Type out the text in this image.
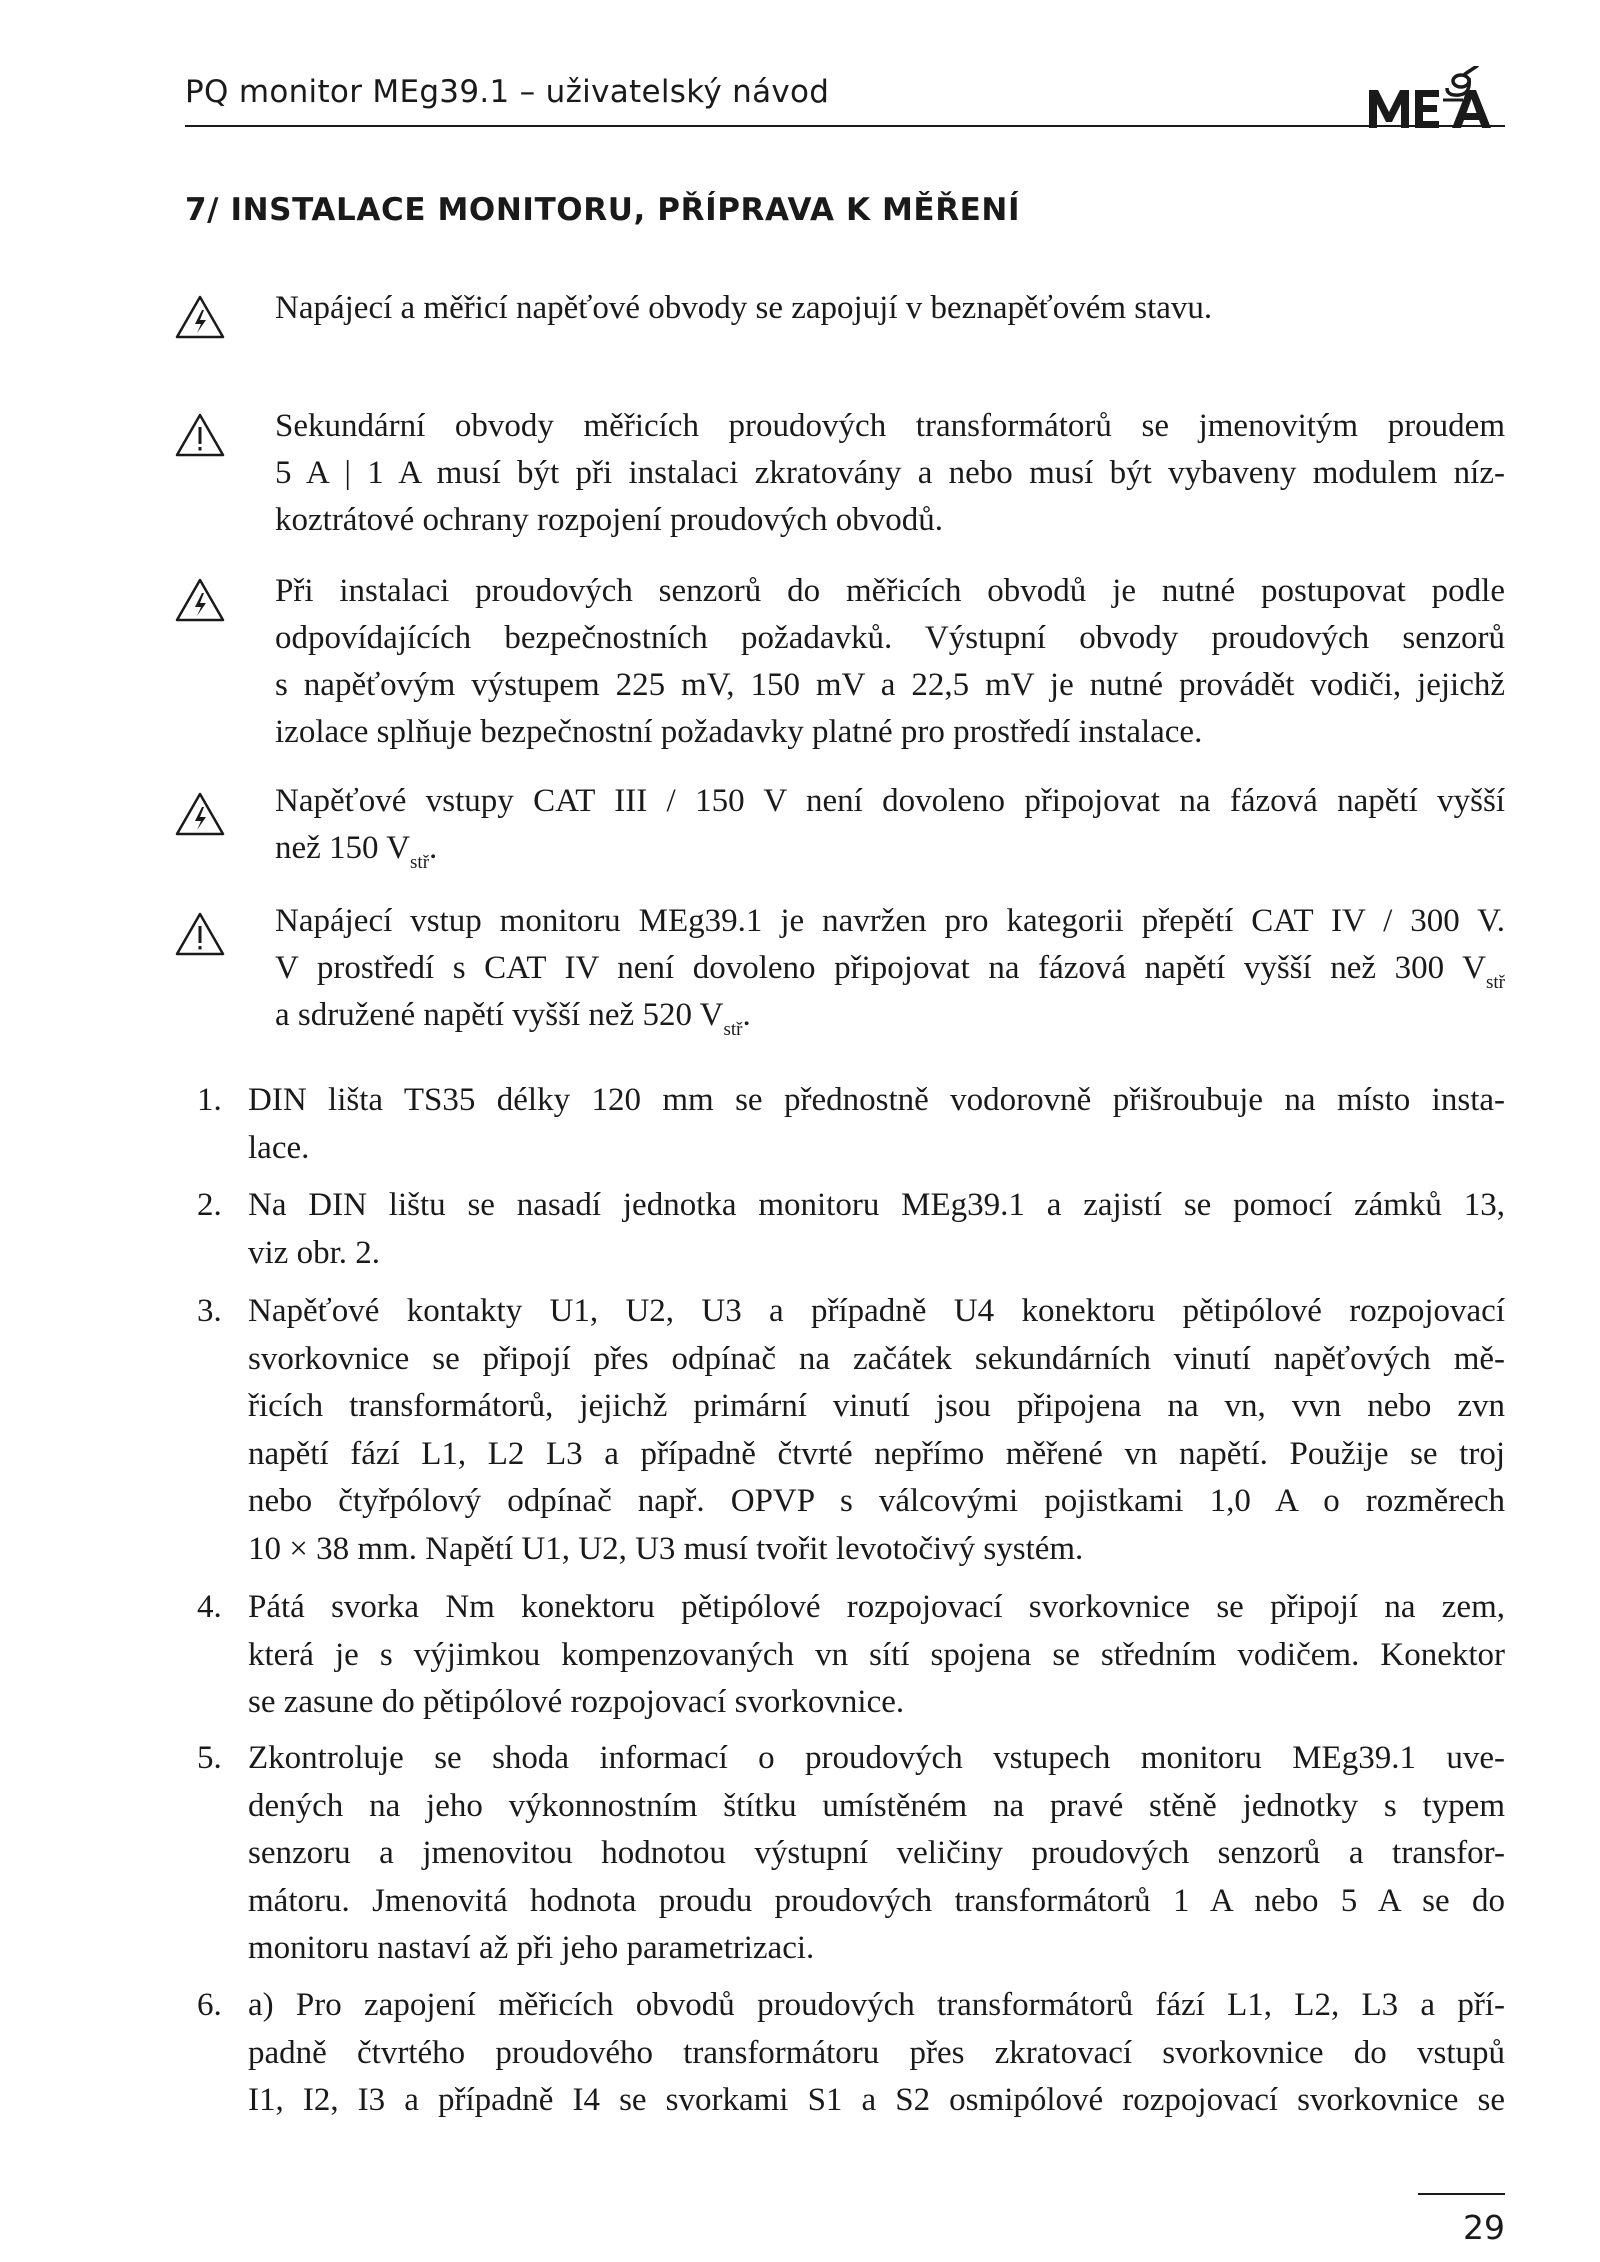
PQ monitor MEg39.1 – uživatelský návod
7/ INSTALACE MONITORU, PŘÍPRAVA K MĚŘENÍ
Napájecí a měřicí napěťové obvody se zapojují v beznapěťovém stavu.
Sekundární obvody měřicích proudových transformátorů se jmenovitým proudem
5 A | 1 A musí být při instalaci zkratovány a nebo musí být vybaveny modulem níz-
koztrátové ochrany rozpojení proudových obvodů.
Při instalaci proudových senzorů do měřicích obvodů je nutné postupovat podle
odpovídajících bezpečnostních požadavků. Výstupní obvody proudových senzorů
s napěťovým výstupem 225 mV, 150 mV a 22,5 mV je nutné provádět vodiči, jejichž
izolace splňuje bezpečnostní požadavky platné pro prostředí instalace.
Napěťové vstupy CAT III / 150 V není dovoleno připojovat na fázová napětí vyšší
než 150 $V_{stř}$.
Napájecí vstup monitoru MEg39.1 je navržen pro kategorii přepětí CAT IV / 300 V.
V prostředí s CAT IV není dovoleno připojovat na fázová napětí vyšší než 300 $V_{stř}$
a sdružené napětí vyšší než 520 $V_{stř}$.
1. DIN lišta TS35 délky 120 mm se přednostně vodorovně přišroubuje na místo insta-
lace.
2. Na DIN lištu se nasadí jednotka monitoru MEg39.1 a zajistí se pomocí zámků 13,
viz obr. 2.
3. Napěťové kontakty U1, U2, U3 a případně U4 konektoru pětipólové rozpojovací
svorkovnice se připojí přes odpínač na začátek sekundárních vinutí napěťových mě-
řicích transformátorů, jejichž primární vinutí jsou připojena na vn, vvn nebo zvn
napětí fází L1, L2 L3 a případně čtvrté nepřímo měřené vn napětí. Použije se troj
nebo čtyřpólový odpínač např. OPVP s válcovými pojistkami 1,0 A o rozměrech
10 × 38 mm. Napětí U1, U2, U3 musí tvořit levotočivý systém.
4. Pátá svorka Nm konektoru pětipólové rozpojovací svorkovnice se připojí na zem,
která je s výjimkou kompenzovaných vn sítí spojena se středním vodičem. Konektor
se zasune do pětipólové rozpojovací svorkovnice.
5. Zkontroluje se shoda informací o proudových vstupech monitoru MEg39.1 uve-
dených na jeho výkonnostním štítku umístěném na pravé stěně jednotky s typem
senzoru a jmenovitou hodnotou výstupní veličiny proudových senzorů a transfor-
mátoru. Jmenovitá hodnota proudu proudových transformátorů 1 A nebo 5 A se do
monitoru nastaví až při jeho parametrizaci.
6. a) Pro zapojení měřicích obvodů proudových transformátorů fází L1, L2, L3 a pří-
padně čtvrtého proudového transformátoru přes zkratovací svorkovnice do vstupů
I1, I2, I3 a případně I4 se svorkami S1 a S2 osmipólové rozpojovací svorkovnice se
29
